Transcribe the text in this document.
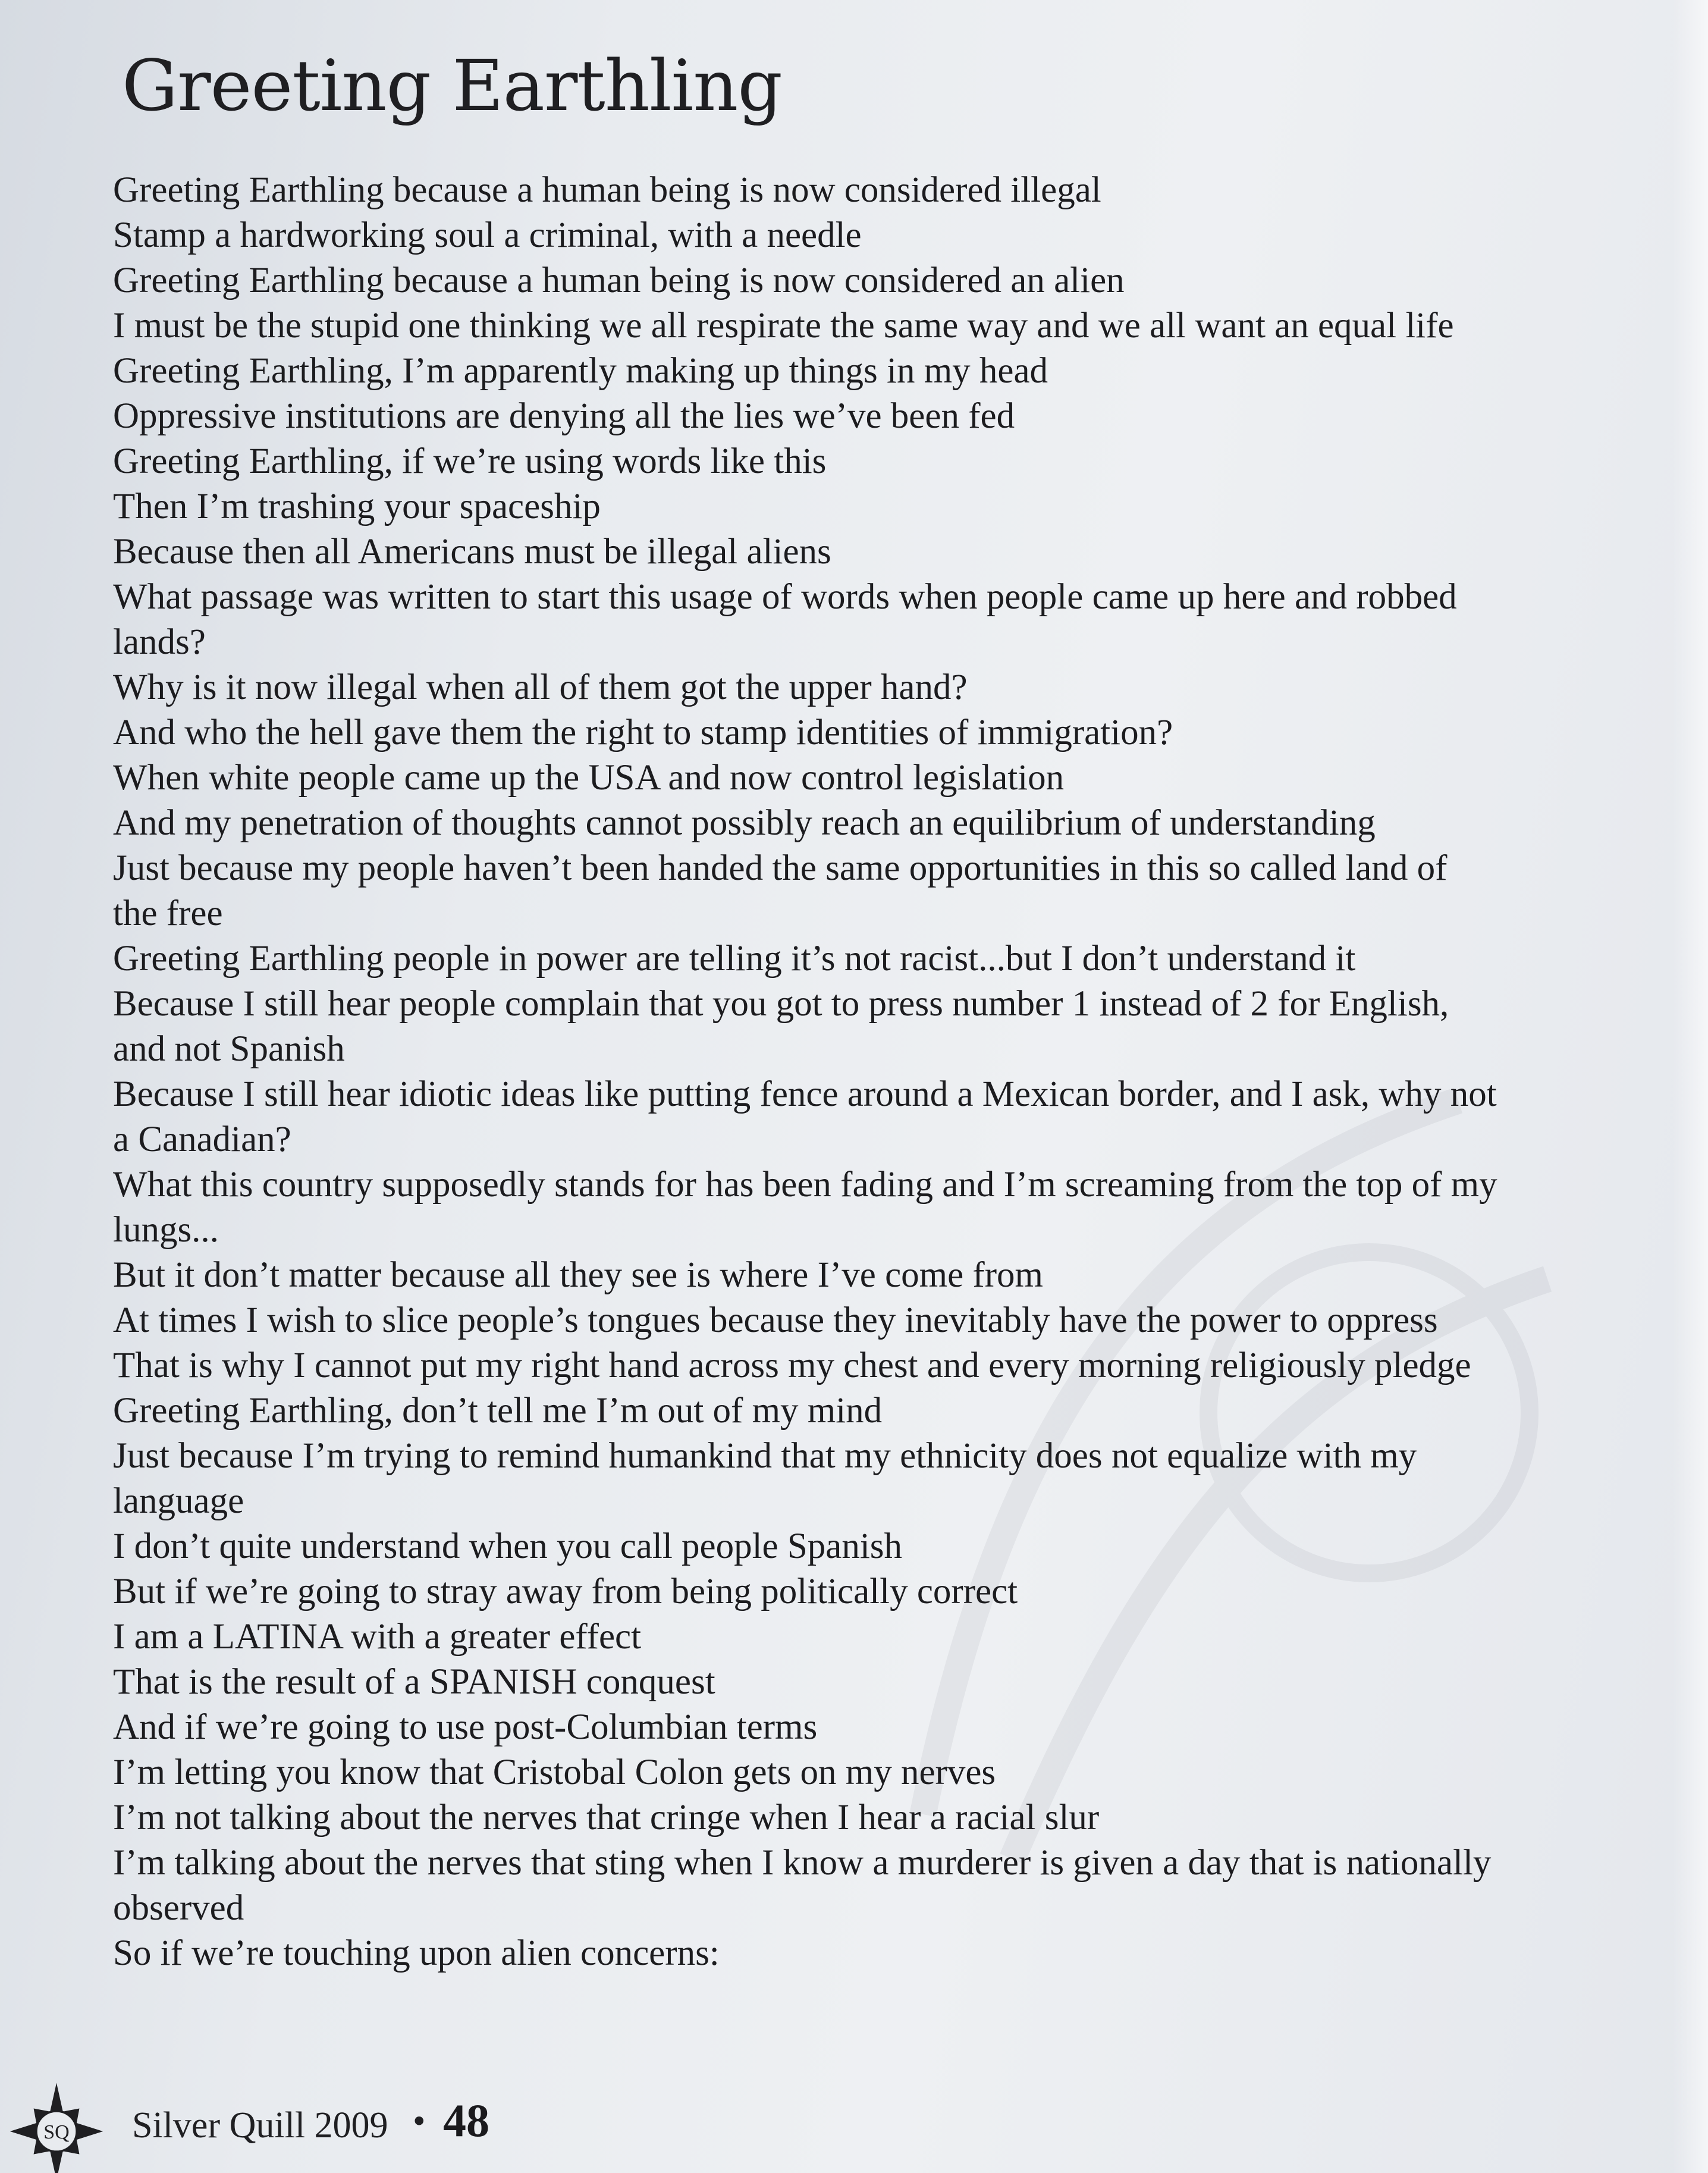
Greeting Earthling

Greeting Earthling because a human being is now considered illegal

Stamp a hardworking soul a criminal, with a needle

Greeting Earthling because a human being is now considered an alien

I must be the stupid one thinking we all respirate the same way and we all want an equal life

Greeting Earthling, I’m apparently making up things in my head

Oppressive institutions are denying all the lies we’ve been fed

Greeting Earthling, if we’re using words like this

Then I’m trashing your spaceship

Because then all Americans must be illegal aliens

What passage was written to start this usage of words when people came up here and robbed

lands?

Why is it now illegal when all of them got the upper hand?

And who the hell gave them the right to stamp identities of immigration?

When white people came up the USA and now control legislation

And my penetration of thoughts cannot possibly reach an equilibrium of understanding

Just because my people haven’t been handed the same opportunities in this so called land of

the free

Greeting Earthling people in power are telling it’s not racist...but I don’t understand it

Because I still hear people complain that you got to press number 1 instead of 2 for English,

and not Spanish

Because I still hear idiotic ideas like putting fence around a Mexican border, and I ask, why not

a Canadian?

What this country supposedly stands for has been fading and I’m screaming from the top of my

lungs...

But it don’t matter because all they see is where I’ve come from

At times I wish to slice people’s tongues because they inevitably have the power to oppress

That is why I cannot put my right hand across my chest and every morning religiously pledge

Greeting Earthling, don’t tell me I’m out of my mind

Just because I’m trying to remind humankind that my ethnicity does not equalize with my

language

I don’t quite understand when you call people Spanish

But if we’re going to stray away from being politically correct

I am a LATINA with a greater effect

That is the result of a SPANISH conquest

And if we’re going to use post-Columbian terms

I’m letting you know that Cristobal Colon gets on my nerves

I’m not talking about the nerves that cringe when I hear a racial slur

I’m talking about the nerves that sting when I know a murderer is given a day that is nationally

observed

So if we’re touching upon alien concerns:

SQ Silver Quill 2009 • 48
